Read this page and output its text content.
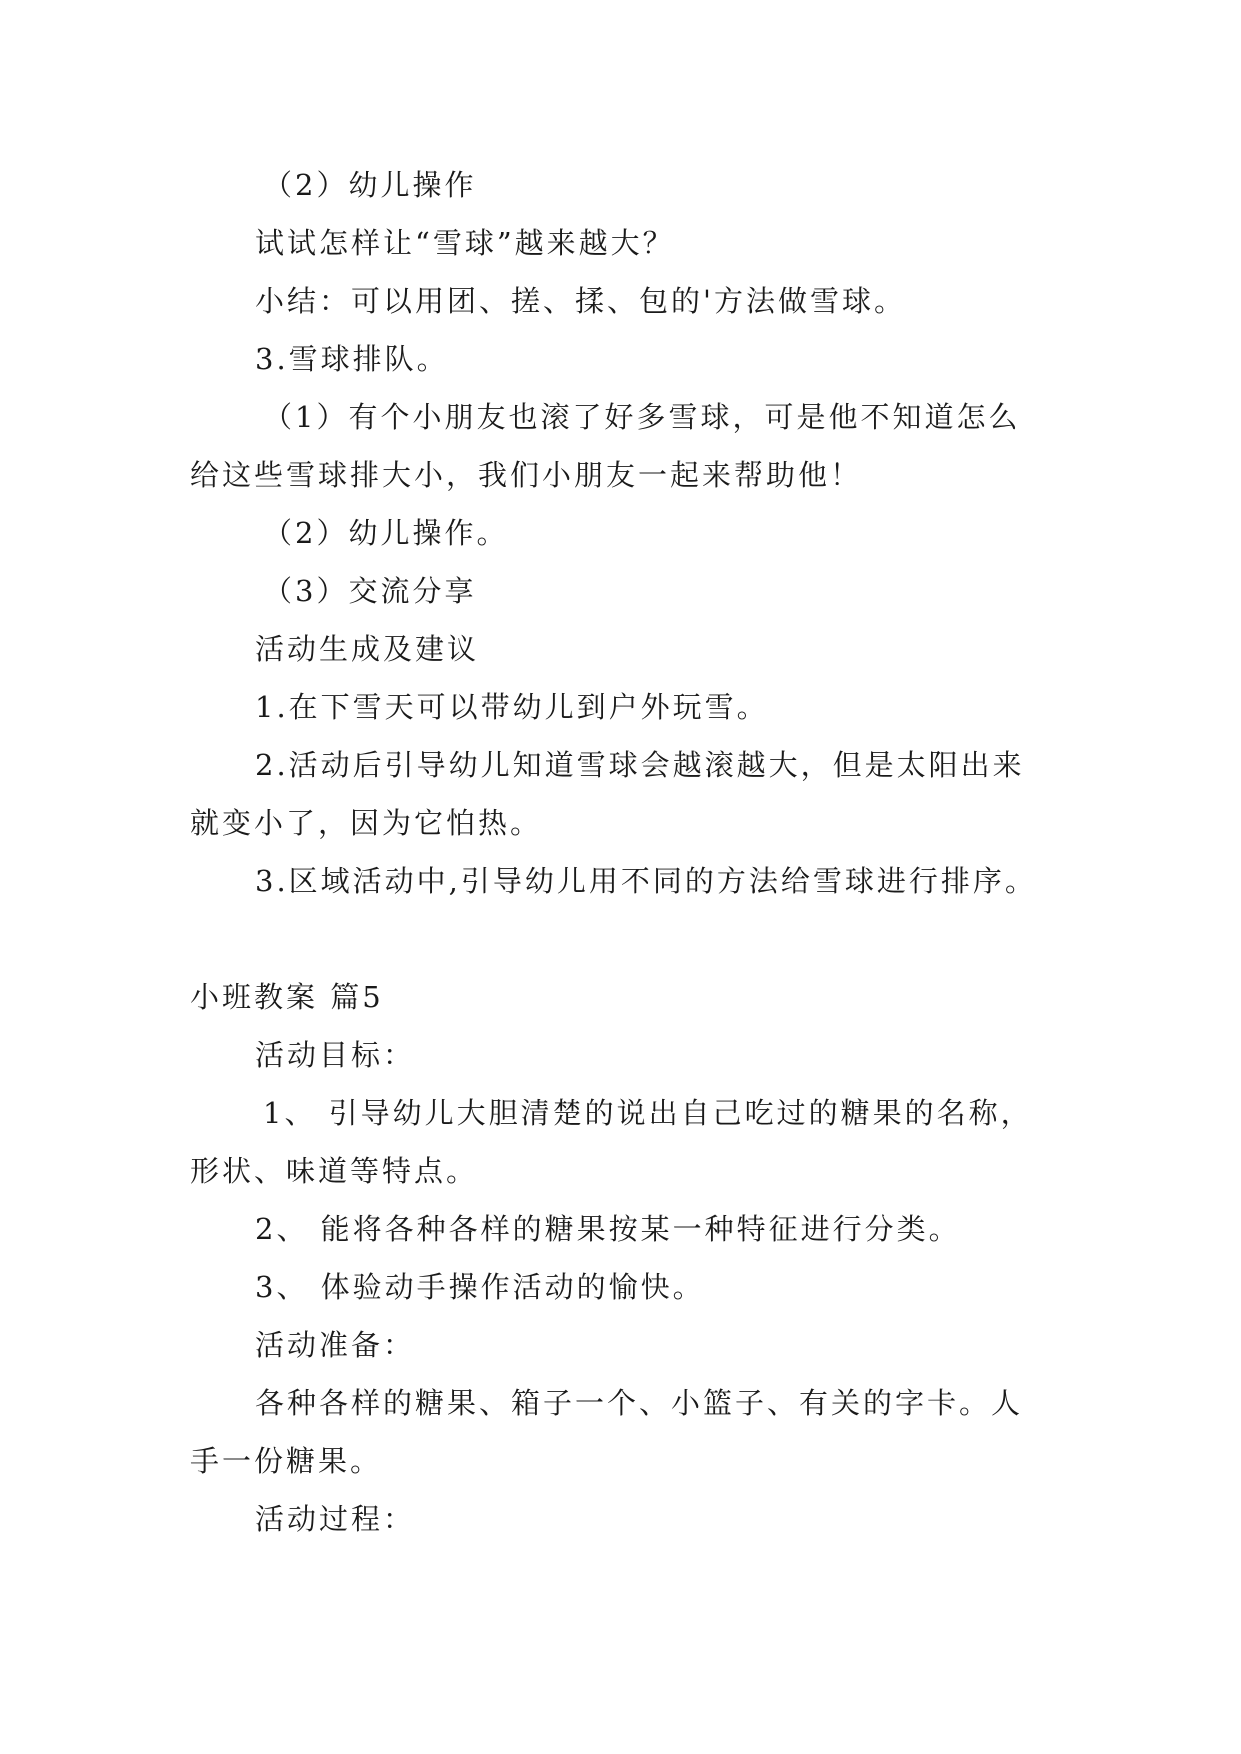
（2）幼儿操作
试试怎样让“雪球”越来越大？
小结：可以用团、搓、揉、包的'方法做雪球。
3.雪球排队。
（1）有个小朋友也滚了好多雪球，可是他不知道怎么
给这些雪球排大小，我们小朋友一起来帮助他！
（2）幼儿操作。
（3）交流分享
活动生成及建议
1.在下雪天可以带幼儿到户外玩雪。
2.活动后引导幼儿知道雪球会越滚越大，但是太阳出来
就变小了，因为它怕热。
3.区域活动中,引导幼儿用不同的方法给雪球进行排序。
小班教案 篇5
活动目标：
1、 引导幼儿大胆清楚的说出自己吃过的糖果的名称，
形状、味道等特点。
2、 能将各种各样的糖果按某一种特征进行分类。
3、 体验动手操作活动的愉快。
活动准备：
各种各样的糖果、箱子一个、小篮子、有关的字卡。人
手一份糖果。
活动过程：
